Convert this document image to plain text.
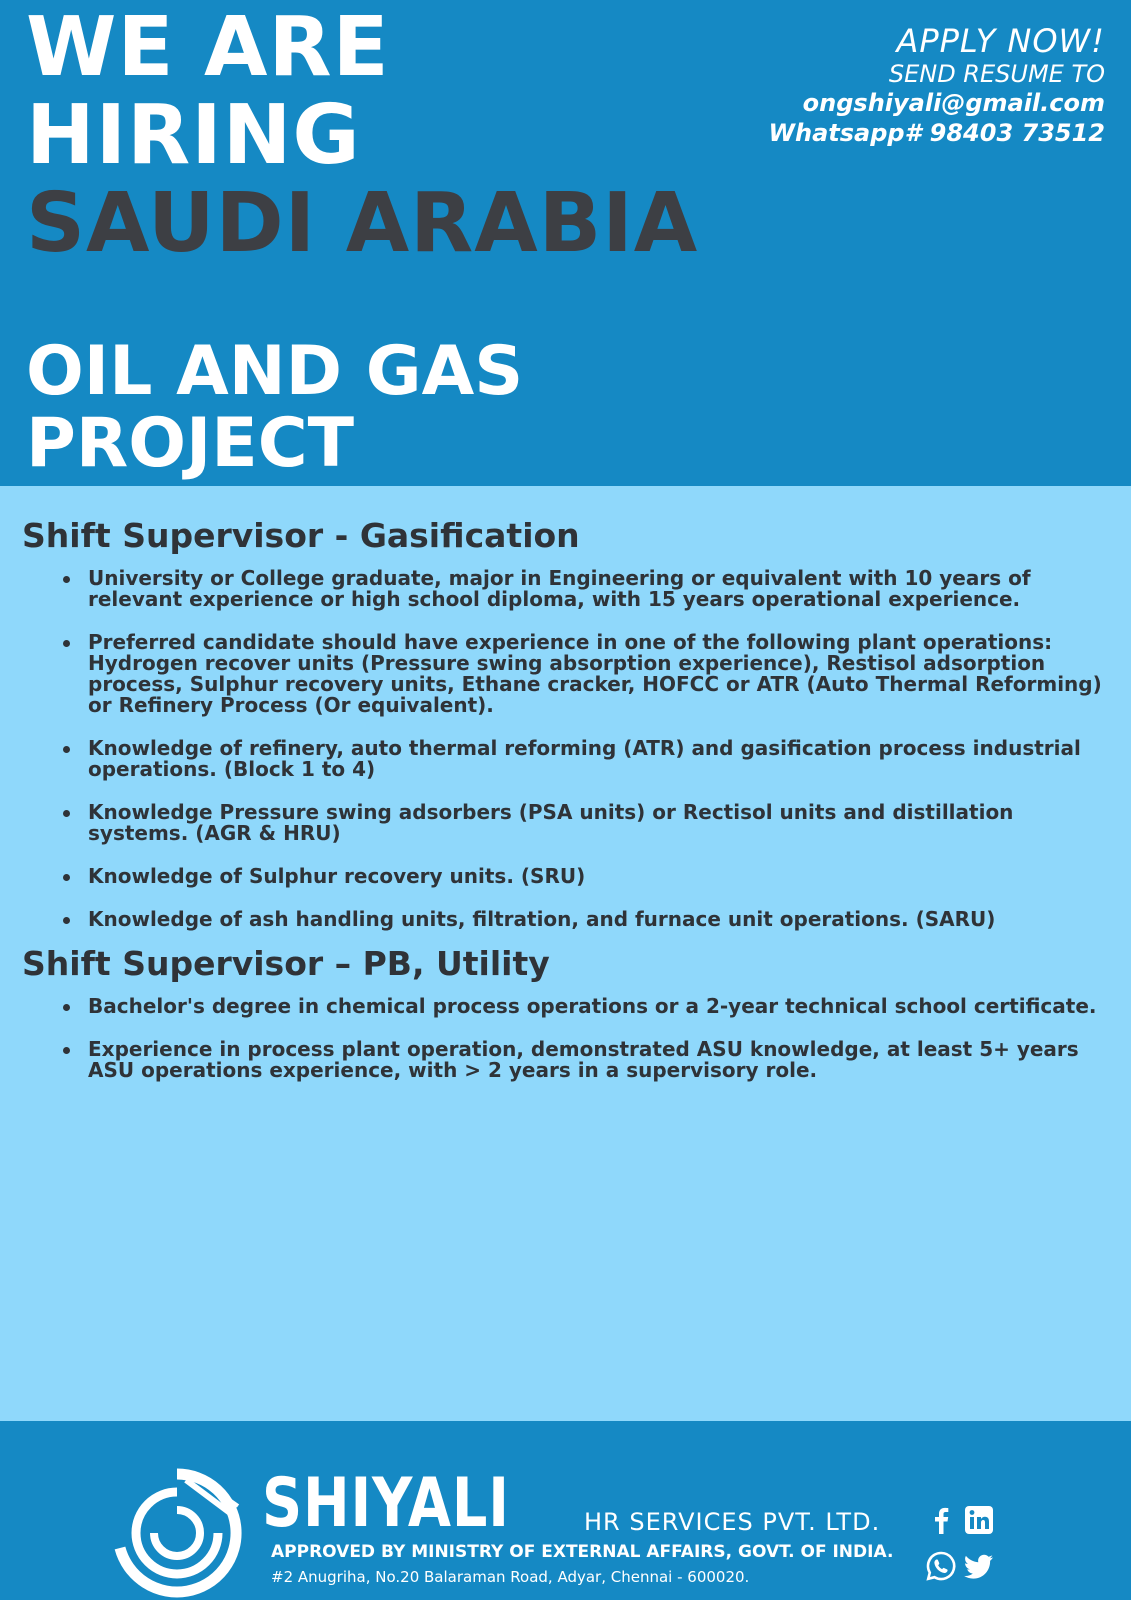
WE ARE
HIRING
SAUDI ARABIA
OIL AND GAS
PROJECT
APPLY NOW!
SEND RESUME TO
ongshiyali@gmail.com
Whatsapp# 98403 73512
Shift Supervisor - Gasification
University or College graduate, major in Engineering or equivalent with 10 years of relevant experience or high school diploma, with 15 years operational experience.
Preferred candidate should have experience in one of the following plant operations: Hydrogen recover units (Pressure swing absorption experience), Restisol adsorption process, Sulphur recovery units, Ethane cracker, HOFCC or ATR (Auto Thermal Reforming) or Refinery Process (Or equivalent).
Knowledge of refinery, auto thermal reforming (ATR) and gasification process industrial operations. (Block 1 to 4)
Knowledge Pressure swing adsorbers (PSA units) or Rectisol units and distillation systems. (AGR & HRU)
Knowledge of Sulphur recovery units. (SRU)
Knowledge of ash handling units, filtration, and furnace unit operations. (SARU)
Shift Supervisor – PB, Utility
Bachelor's degree in chemical process operations or a 2-year technical school certificate.
Experience in process plant operation, demonstrated ASU knowledge, at least 5+ years ASU operations experience, with > 2 years in a supervisory role.
SHIYALI	HR SERVICES PVT. LTD.
APPROVED BY MINISTRY OF EXTERNAL AFFAIRS, GOVT. OF INDIA.
#2 Anugriha, No.20 Balaraman Road, Adyar, Chennai - 600020.
